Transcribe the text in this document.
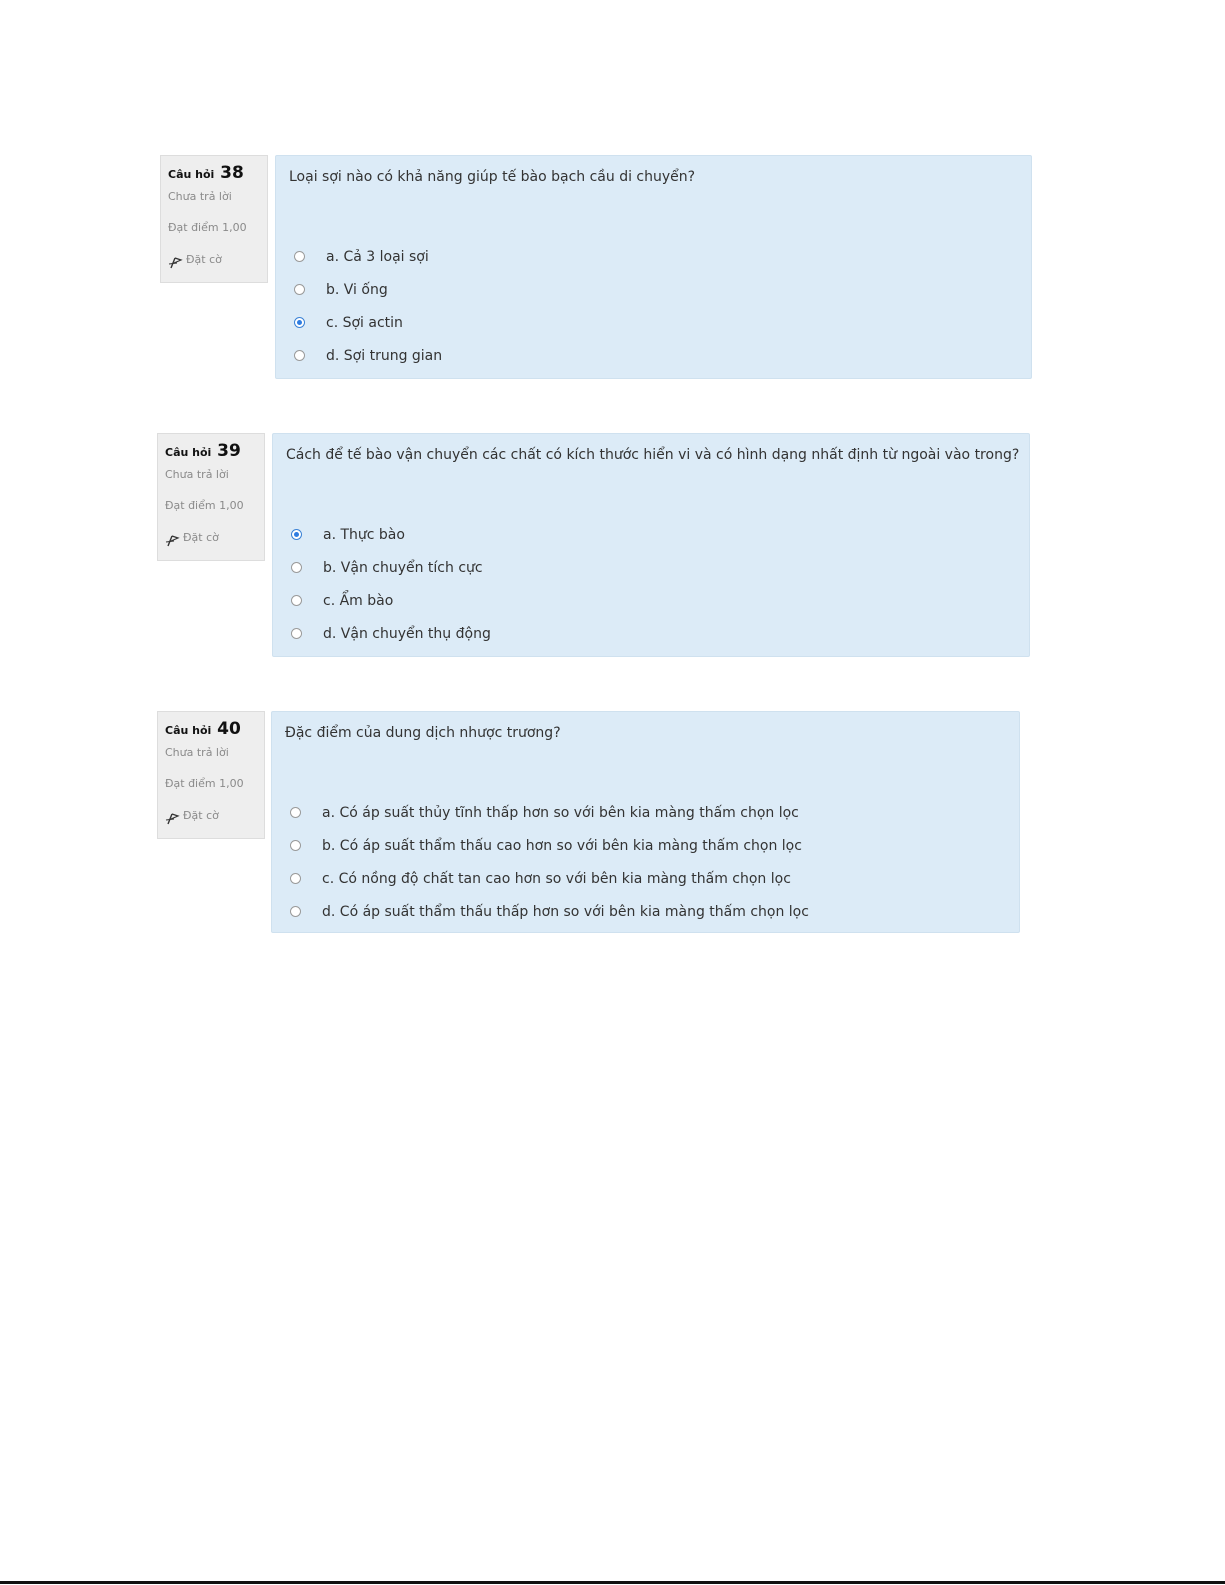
Câu hỏi 38
Chưa trả lời
Đạt điểm 1,00
Đặt cờ
Loại sợi nào có khả năng giúp tế bào bạch cầu di chuyển?
a. Cả 3 loại sợi
b. Vi ống
c. Sợi actin
d. Sợi trung gian
Câu hỏi 39
Chưa trả lời
Đạt điểm 1,00
Đặt cờ
Cách để tế bào vận chuyển các chất có kích thước hiển vi và có hình dạng nhất định từ ngoài vào trong?
a. Thực bào
b. Vận chuyển tích cực
c. Ẩm bào
d. Vận chuyển thụ động
Câu hỏi 40
Chưa trả lời
Đạt điểm 1,00
Đặt cờ
Đặc điểm của dung dịch nhược trương?
a. Có áp suất thủy tĩnh thấp hơn so với bên kia màng thấm chọn lọc
b. Có áp suất thẩm thấu cao hơn so với bên kia màng thấm chọn lọc
c. Có nồng độ chất tan cao hơn so với bên kia màng thấm chọn lọc
d. Có áp suất thẩm thấu thấp hơn so với bên kia màng thấm chọn lọc
